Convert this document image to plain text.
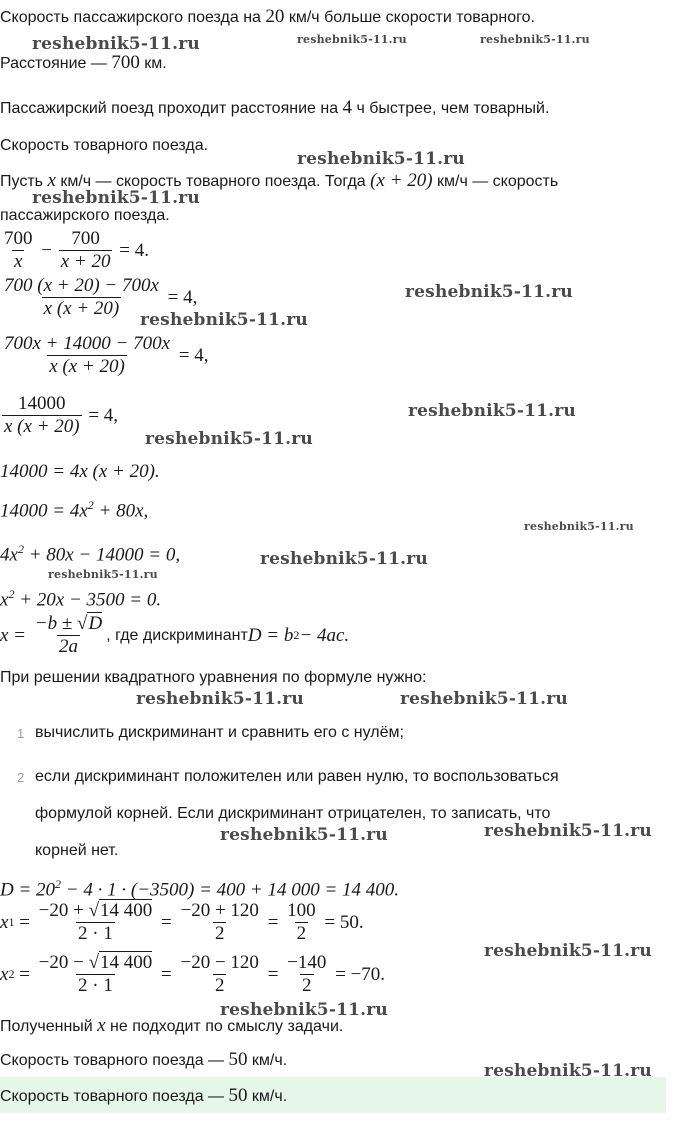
Скорость пассажирского поезда на 20 км/ч больше скорости товарного.
Расстояние — 700 км.
Пассажирский поезд проходит расстояние на 4 ч быстрее, чем товарный.
Скорость товарного поезда.
Пусть x км/ч — скорость товарного поезда. Тогда (x + 20) км/ч — скорость
пассажирского поезда.
$\frac{700}{x} - \frac{700}{x + 20}$
= 4.
$\frac{700 (x + 20) - 700x}{x (x + 20)}$
= 4,
$\frac{700x + 14000 - 700x}{x (x + 20)}$
= 4,
$\frac{14000}{x (x + 20)}$
= 4,
14000 = 4x (x + 20).
$14000 = 4x^2 + 80x$,
$4x^2 + 80x - 14000 = 0$,
$x^2 + 20x - 3500 = 0$.
x =
$\frac{-b \pm √D}{2a}$ , где дискриминант D = b 2 − 4ac.
При решении квадратного уравнения по формуле нужно:
1 вычислить дискриминант и сравнить его с нулём;
2 если дискриминант положителен или равен нулю, то воспользоваться
формулой корней. Если дискриминант отрицателен, то записать, что
корней нет.
$D = 20^2 - 4 \cdot 1 \cdot (-3500) = 400 + 14$ 000 = 14 400.
x $1 = \frac{-20 + √14 400}{2 \cdot 1} = \frac{-20 + 120}{2} = \frac{100}{2}$
= 50.
x $2 = \frac{-20 - √14 400}{2 \cdot 1} = \frac{-20 - 120}{2} = \frac{-140}{2}$
= −70.
Полученный x не подходит по смыслу задачи.
Скорость товарного поезда — 50 км/ч.
Скорость товарного поезда — 50 км/ч.
reshebnik5-11.ru	reshebnik5-11.ru	reshebnik5-11.ru
reshebnik5-11.ru
reshebnik5-11.ru
reshebnik5-11.ru
reshebnik5-11.ru
reshebnik5-11.ru
reshebnik5-11.ru
reshebnik5-11.ru
reshebnik5-11.ru
reshebnik5-11.ru
reshebnik5-11.ru	reshebnik5-11.ru
reshebnik5-11.ru	reshebnik5-11.ru
reshebnik5-11.ru
reshebnik5-11.ru
reshebnik5-11.ru
